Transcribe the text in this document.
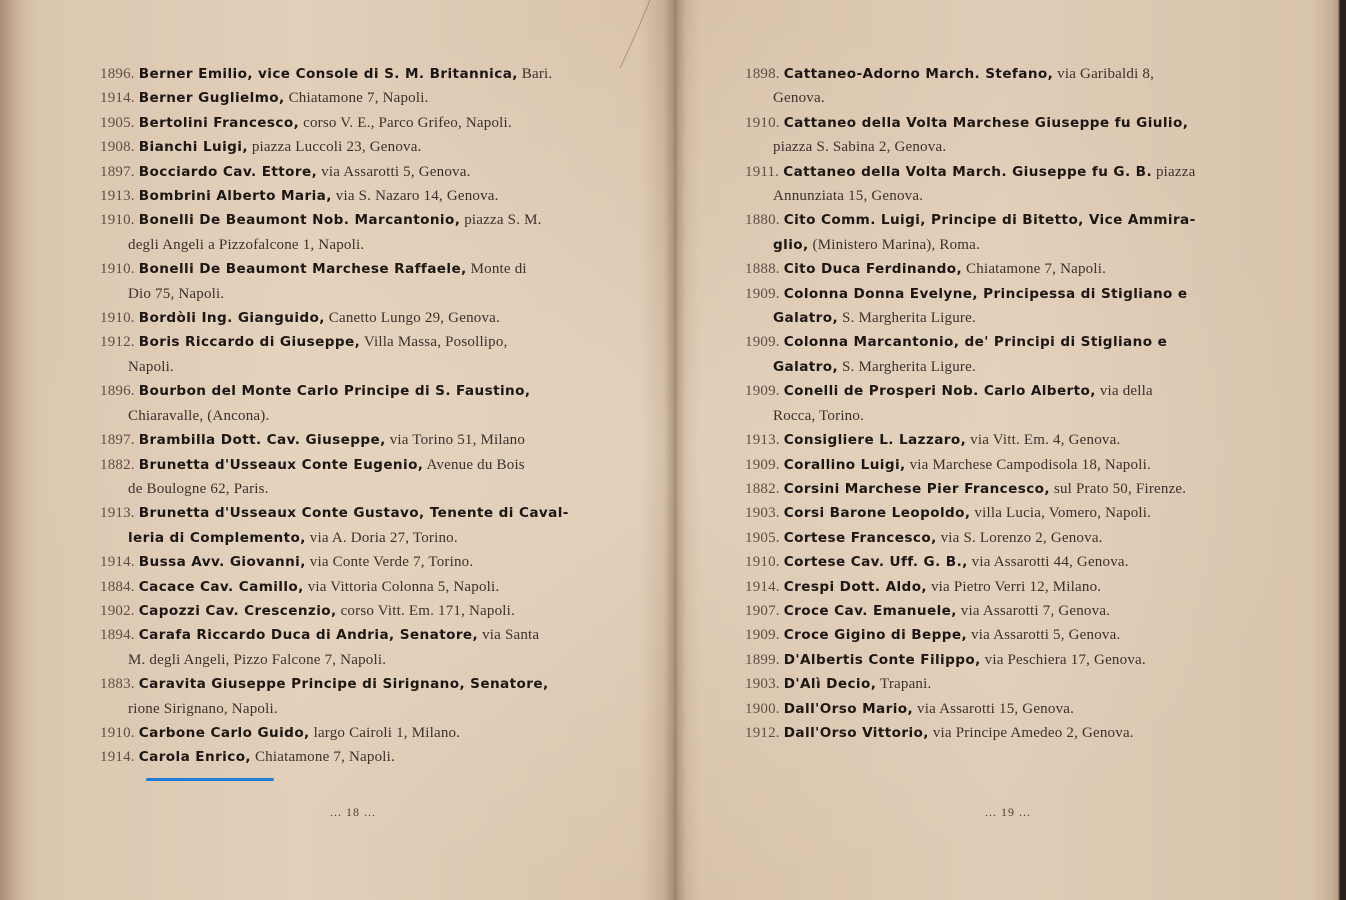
1896. Berner Emilio, vice Console di S. M. Britannica, Bari.
1914. Berner Guglielmo, Chiatamone 7, Napoli.
1905. Bertolini Francesco, corso V. E., Parco Grifeo, Napoli.
1908. Bianchi Luigi, piazza Luccoli 23, Genova.
1897. Bocciardo Cav. Ettore, via Assarotti 5, Genova.
1913. Bombrini Alberto Maria, via S. Nazaro 14, Genova.
1910. Bonelli De Beaumont Nob. Marcantonio, piazza S. M.
degli Angeli a Pizzofalcone 1, Napoli.
1910. Bonelli De Beaumont Marchese Raffaele, Monte di
Dio 75, Napoli.
1910. Bordòli Ing. Gianguido, Canetto Lungo 29, Genova.
1912. Boris Riccardo di Giuseppe, Villa Massa, Posollipo,
Napoli.
1896. Bourbon del Monte Carlo Principe di S. Faustino,
Chiaravalle, (Ancona).
1897. Brambilla Dott. Cav. Giuseppe, via Torino 51, Milano
1882. Brunetta d'Usseaux Conte Eugenio, Avenue du Bois
de Boulogne 62, Paris.
1913. Brunetta d'Usseaux Conte Gustavo, Tenente di Caval-
leria di Complemento, via A. Doria 27, Torino.
1914. Bussa Avv. Giovanni, via Conte Verde 7, Torino.
1884. Cacace Cav. Camillo, via Vittoria Colonna 5, Napoli.
1902. Capozzi Cav. Crescenzio, corso Vitt. Em. 171, Napoli.
1894. Carafa Riccardo Duca di Andria, Senatore, via Santa
M. degli Angeli, Pizzo Falcone 7, Napoli.
1883. Caravita Giuseppe Principe di Sirignano, Senatore,
rione Sirignano, Napoli.
1910. Carbone Carlo Guido, largo Cairoli 1, Milano.
1914. Carola Enrico, Chiatamone 7, Napoli.
... 18 ...
1898. Cattaneo-Adorno March. Stefano, via Garibaldi 8,
Genova.
1910. Cattaneo della Volta Marchese Giuseppe fu Giulio,
piazza S. Sabina 2, Genova.
1911. Cattaneo della Volta March. Giuseppe fu G. B. piazza
Annunziata 15, Genova.
1880. Cito Comm. Luigi, Principe di Bitetto, Vice Ammira-
glio, (Ministero Marina), Roma.
1888. Cito Duca Ferdinando, Chiatamone 7, Napoli.
1909. Colonna Donna Evelyne, Principessa di Stigliano e
Galatro, S. Margherita Ligure.
1909. Colonna Marcantonio, de' Principi di Stigliano e
Galatro, S. Margherita Ligure.
1909. Conelli de Prosperi Nob. Carlo Alberto, via della
Rocca, Torino.
1913. Consigliere L. Lazzaro, via Vitt. Em. 4, Genova.
1909. Corallino Luigi, via Marchese Campodisola 18, Napoli.
1882. Corsini Marchese Pier Francesco, sul Prato 50, Firenze.
1903. Corsi Barone Leopoldo, villa Lucia, Vomero, Napoli.
1905. Cortese Francesco, via S. Lorenzo 2, Genova.
1910. Cortese Cav. Uff. G. B., via Assarotti 44, Genova.
1914. Crespi Dott. Aldo, via Pietro Verri 12, Milano.
1907. Croce Cav. Emanuele, via Assarotti 7, Genova.
1909. Croce Gigino di Beppe, via Assarotti 5, Genova.
1899. D'Albertis Conte Filippo, via Peschiera 17, Genova.
1903. D'Alì Decio, Trapani.
1900. Dall'Orso Mario, via Assarotti 15, Genova.
1912. Dall'Orso Vittorio, via Principe Amedeo 2, Genova.
... 19 ...
